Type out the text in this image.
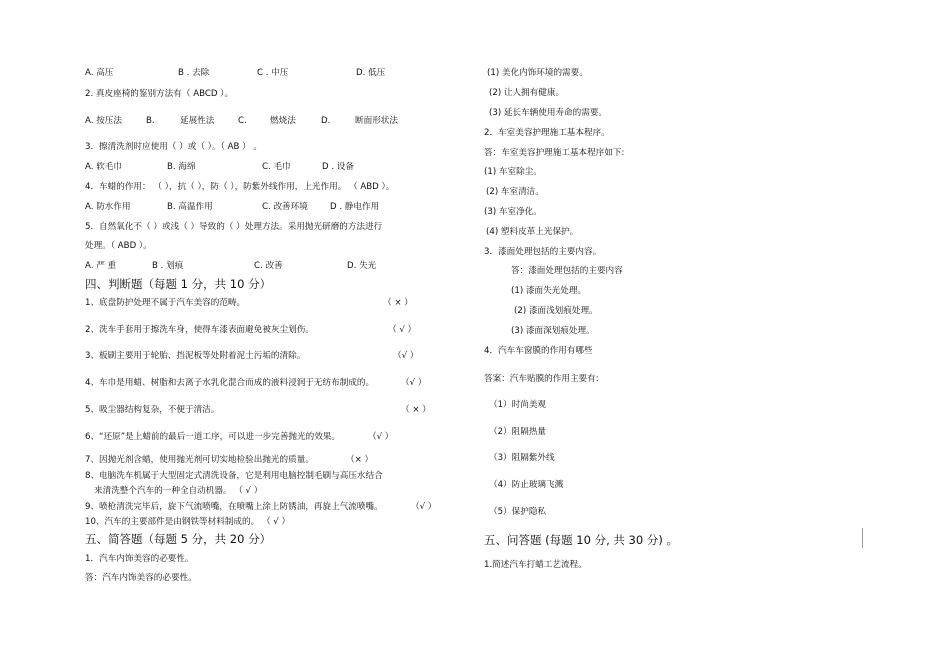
A. 高压	B . 去除	C . 中压	D. 低压
2. 真皮座椅的鉴别方法有（ ABCD ）。
A. 按压法	B.	延展性法	C.	燃烧法	D.	断面形状法
3．擦清洗剂时应使用（ ）或（ ）。（ AB ） 。
A. 软毛巾	B. 海绵	C. 毛巾	D . 设备
4．车蜡的作用： （ ），抗（ ），防（ ），防紫外线作用，上光作用。 （ ABD ）。
A. 防水作用	B. 高温作用	C. 改善环境	D . 静电作用
5．自然氧化不（ ）或浅（ ）导致的（ ）处理方法。采用抛光研磨的方法进行
处理。（ ABD ）。
A. 严 重	B . 划痕	C. 改善	D. 失光
四、判断题（每题 1 分，共 10 分）
1、底盘防护处理不属于汽车美容的范畴。	（ × ）
2、洗车手套用于擦洗车身，使得车漆表面避免被灰尘划伤。	（ √ ）
3、板刷主要用于轮胎、挡泥板等处附着泥土污垢的清除。	（√ ）
4、车巾是用蜡、树脂和去离子水乳化混合而成的液料浸润于无纺布制成的。	（√ ）
5、吸尘器结构复杂，不便于清洁。	（ × ）
6、“还原”是上蜡前的最后一道工序，可以进一步完善抛光的效果。	（√ ）
7、因抛光剂含蜡，使用抛光剂可切实地检验出抛光的质量。	（× ）
8、电脑洗车机属于大型固定式清洗设备，它是利用电脑控制毛刷与高压水结合
来清洗整个汽车的一种全自动机器。 （ √ ）
9、喷枪清洗完毕后，旋下气流喷嘴，在喷嘴上涂上防锈油，再旋上气流喷嘴。	（√ ）
10、汽车的主要部件是由钢铁等材料制成的。 （ √ ）
五、简答题（每题 5 分，共 20 分）
1．汽车内饰美容的必要性。
答：汽车内饰美容的必要性。
(1) 美化内饰环境的需要。
(2) 让人拥有健康。
(3) 延长车辆使用寿命的需要。
2．车室美容护理施工基本程序。
答：车室美容护理施工基本程序如下:
(1) 车室除尘。
(2) 车室清洁。
(3) 车室净化。
(4) 塑料皮革上光保护。
3．漆面处理包括的主要内容。
答：漆面处理包括的主要内容
(1) 漆面失光处理。
(2) 漆面浅划痕处理。
(3) 漆面深划痕处理。
4．汽车车窗膜的作用有哪些
答案：汽车贴膜的作用主要有:
（1）时尚美观
（2）阻隔热量
（3）阻隔紫外线
（4）防止玻璃飞溅
（5）保护隐私
五、问答题 (每题 10 分, 共 30 分) 。
1.简述汽车打蜡工艺流程。
